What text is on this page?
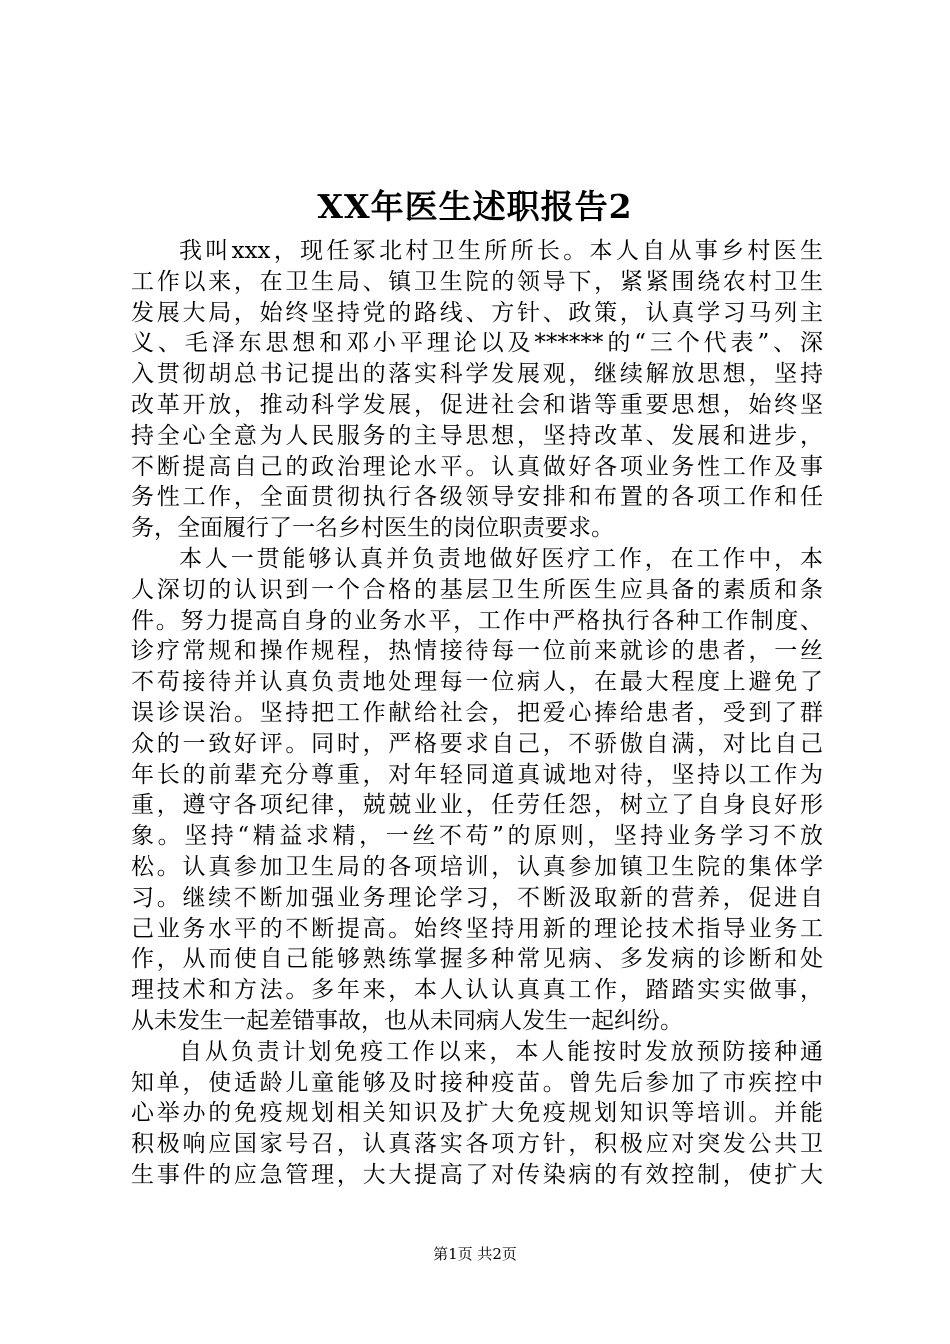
XX年医生述职报告2
我叫xxx，现任冢北村卫生所所长。本人自从事乡村医生
工作以来，在卫生局、镇卫生院的领导下，紧紧围绕农村卫生
发展大局，始终坚持党的路线、方针、政策，认真学习马列主
义、毛泽东思想和邓小平理论以及******的“三个代表”、深
入贯彻胡总书记提出的落实科学发展观，继续解放思想，坚持
改革开放，推动科学发展，促进社会和谐等重要思想，始终坚
持全心全意为人民服务的主导思想，坚持改革、发展和进步，
不断提高自己的政治理论水平。认真做好各项业务性工作及事
务性工作，全面贯彻执行各级领导安排和布置的各项工作和任
务，全面履行了一名乡村医生的岗位职责要求。
本人一贯能够认真并负责地做好医疗工作，在工作中，本
人深切的认识到一个合格的基层卫生所医生应具备的素质和条
件。努力提高自身的业务水平，工作中严格执行各种工作制度、
诊疗常规和操作规程，热情接待每一位前来就诊的患者，一丝
不苟接待并认真负责地处理每一位病人，在最大程度上避免了
误诊误治。坚持把工作献给社会，把爱心捧给患者，受到了群
众的一致好评。同时，严格要求自己，不骄傲自满，对比自己
年长的前辈充分尊重，对年轻同道真诚地对待，坚持以工作为
重，遵守各项纪律，兢兢业业，任劳任怨，树立了自身良好形
象。坚持“精益求精，一丝不苟”的原则，坚持业务学习不放
松。认真参加卫生局的各项培训，认真参加镇卫生院的集体学
习。继续不断加强业务理论学习，不断汲取新的营养，促进自
己业务水平的不断提高。始终坚持用新的理论技术指导业务工
作，从而使自己能够熟练掌握多种常见病、多发病的诊断和处
理技术和方法。多年来，本人认认真真工作，踏踏实实做事，
从未发生一起差错事故，也从未同病人发生一起纠纷。
自从负责计划免疫工作以来，本人能按时发放预防接种通
知单，使适龄儿童能够及时接种疫苗。曾先后参加了市疾控中
心举办的免疫规划相关知识及扩大免疫规划知识等培训。并能
积极响应国家号召，认真落实各项方针，积极应对突发公共卫
生事件的应急管理，大大提高了对传染病的有效控制，使扩大
第1页 共2页
